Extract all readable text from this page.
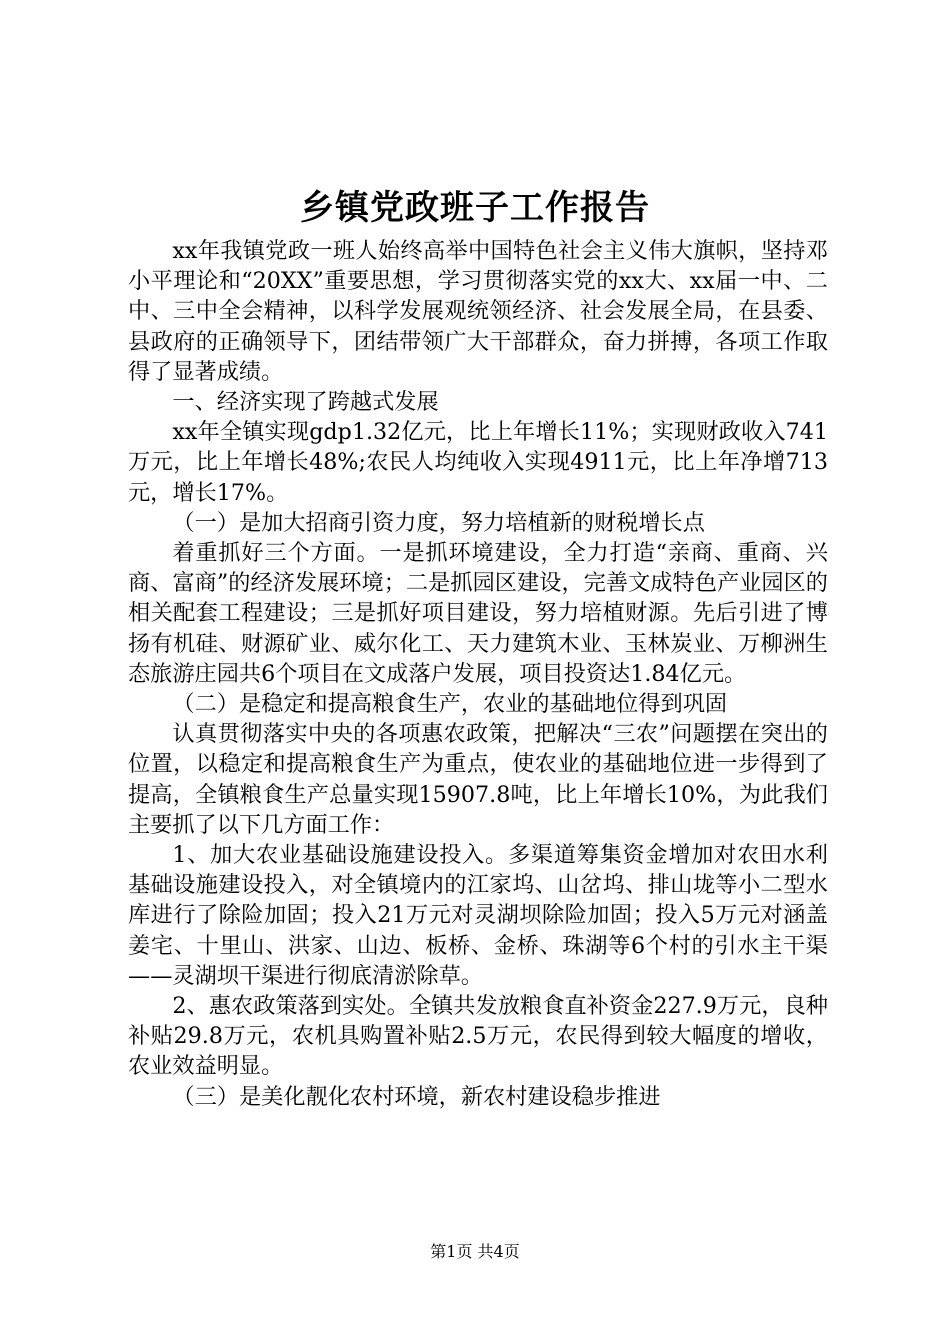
乡镇党政班子工作报告

xx年我镇党政一班人始终高举中国特色社会主义伟大旗帜，坚持邓小平理论和“20XX”重要思想，学习贯彻落实党的xx大、xx届一中、二中、三中全会精神，以科学发展观统领经济、社会发展全局，在县委、县政府的正确领导下，团结带领广大干部群众，奋力拼搏，各项工作取得了显著成绩。

一、经济实现了跨越式发展

xx年全镇实现gdp1.32亿元，比上年增长11%；实现财政收入741万元，比上年增长48%;农民人均纯收入实现4911元，比上年净增713元，增长17%。

（一）是加大招商引资力度，努力培植新的财税增长点

着重抓好三个方面。一是抓环境建设，全力打造“亲商、重商、兴商、富商”的经济发展环境；二是抓园区建设，完善文成特色产业园区的相关配套工程建设；三是抓好项目建设，努力培植财源。先后引进了博扬有机硅、财源矿业、威尔化工、天力建筑木业、玉林炭业、万柳洲生态旅游庄园共6个项目在文成落户发展，项目投资达1.84亿元。

（二）是稳定和提高粮食生产，农业的基础地位得到巩固

认真贯彻落实中央的各项惠农政策，把解决“三农”问题摆在突出的位置，以稳定和提高粮食生产为重点，使农业的基础地位进一步得到了提高，全镇粮食生产总量实现15907.8吨，比上年增长10%，为此我们主要抓了以下几方面工作：

1、加大农业基础设施建设投入。多渠道筹集资金增加对农田水利基础设施建设投入，对全镇境内的江家坞、山岔坞、排山垅等小二型水库进行了除险加固；投入21万元对灵湖坝除险加固；投入5万元对涵盖姜宅、十里山、洪家、山边、板桥、金桥、珠湖等6个村的引水主干渠——灵湖坝干渠进行彻底清淤除草。

2、惠农政策落到实处。全镇共发放粮食直补资金227.9万元，良种补贴29.8万元，农机具购置补贴2.5万元，农民得到较大幅度的增收，农业效益明显。

（三）是美化靓化农村环境，新农村建设稳步推进

第1页 共4页
